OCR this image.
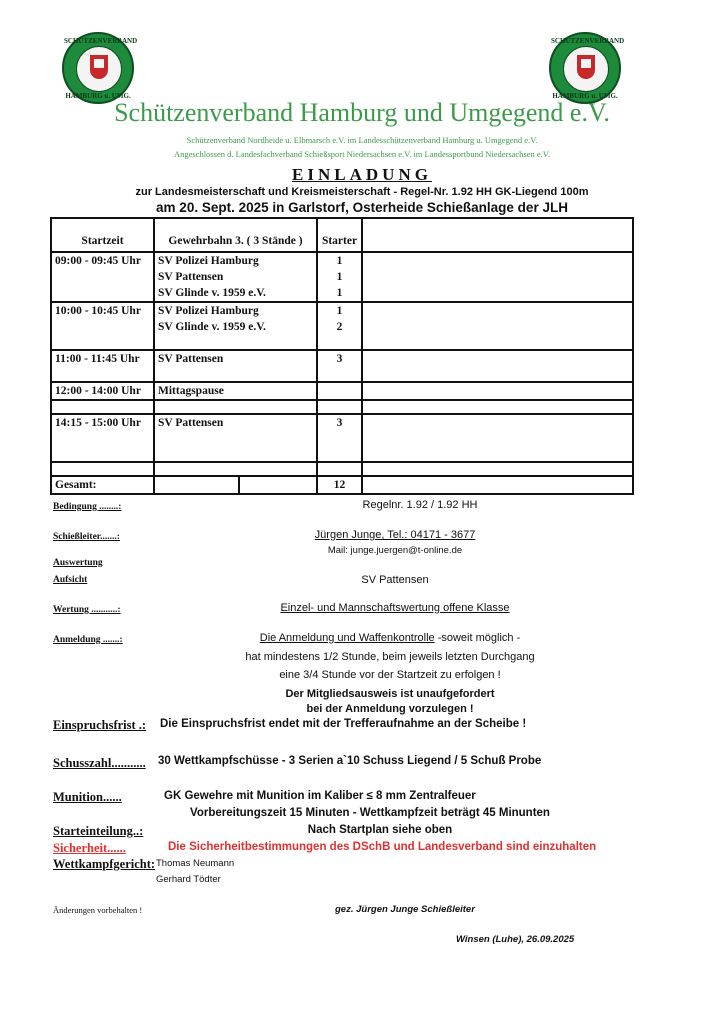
SCHÜTZENVERBAND
HAMBURG u. UMG.
SCHÜTZENVERBAND
HAMBURG u. UMG.
Schützenverband Hamburg und Umgegend e.V.
Schützenverband Nordheide u. Elbmarsch e.V. im Landesschützenverband Hamburg u. Umgegend e.V.
Angeschlossen d. Landesfachverband Schießsport Niedersachsen e.V. im Landessportbund Niedersachsen e.V.
EINLADUNG
zur Landesmeisterschaft und Kreismeisterschaft - Regel-Nr. 1.92 HH GK-Liegend 100m
am 20. Sept. 2025 in Garlstorf, Osterheide Schießanlage der JLH

Startzeit	Gewehrbahn 3. ( 3 Stände )	Starter	
09:00 - 09:45 Uhr	SV Polizei Hamburg	1	
	SV Pattensen	1	
	SV Glinde v. 1959 e.V.	1	
10:00 - 10:45 Uhr	SV Polizei Hamburg	1	
	SV Glinde v. 1959 e.V.	2	

11:00 - 11:45 Uhr	SV Pattensen	3	

12:00 - 14:00 Uhr	Mittagspause		

14:15 - 15:00 Uhr	SV Pattensen	3	

Gesamt:		12	
Bedingung ........:	Regelnr. 1.92 / 1.92 HH
Schießleiter.......:	Jürgen Junge, Tel.: 04171 - 3677
Mail: junge.juergen@t-online.de
Auswertung
Aufsicht	SV Pattensen
Wertung ...........:	Einzel- und Mannschaftswertung offene Klasse
Anmeldung .......:	Die Anmeldung und Waffenkontrolle -soweit möglich -
hat mindestens 1/2 Stunde, beim jeweils letzten Durchgang
eine 3/4 Stunde vor der Startzeit zu erfolgen !
Der Mitgliedsausweis ist unaufgefordert
bei der Anmeldung vorzulegen !
Einspruchsfrist .: Die Einspruchsfrist endet mit der Trefferaufnahme an der Scheibe !
Schusszahl........... 30 Wettkampfschüsse - 3 Serien a`10 Schuss Liegend / 5 Schuß Probe
Munition......	GK Gewehre mit Munition im Kaliber ≤ 8 mm Zentralfeuer
Vorbereitungszeit 15 Minuten - Wettkampfzeit beträgt 45 Minunten
Starteinteilung..:	Nach Startplan siehe oben
Sicherheit......	Die Sicherheitbestimmungen des DSchB und Landesverband sind einzuhalten
Wettkampfgericht: Thomas Neumann
Gerhard Tödter
Änderungen vorbehalten !	gez. Jürgen Junge Schießleiter
Winsen (Luhe), 26.09.2025
